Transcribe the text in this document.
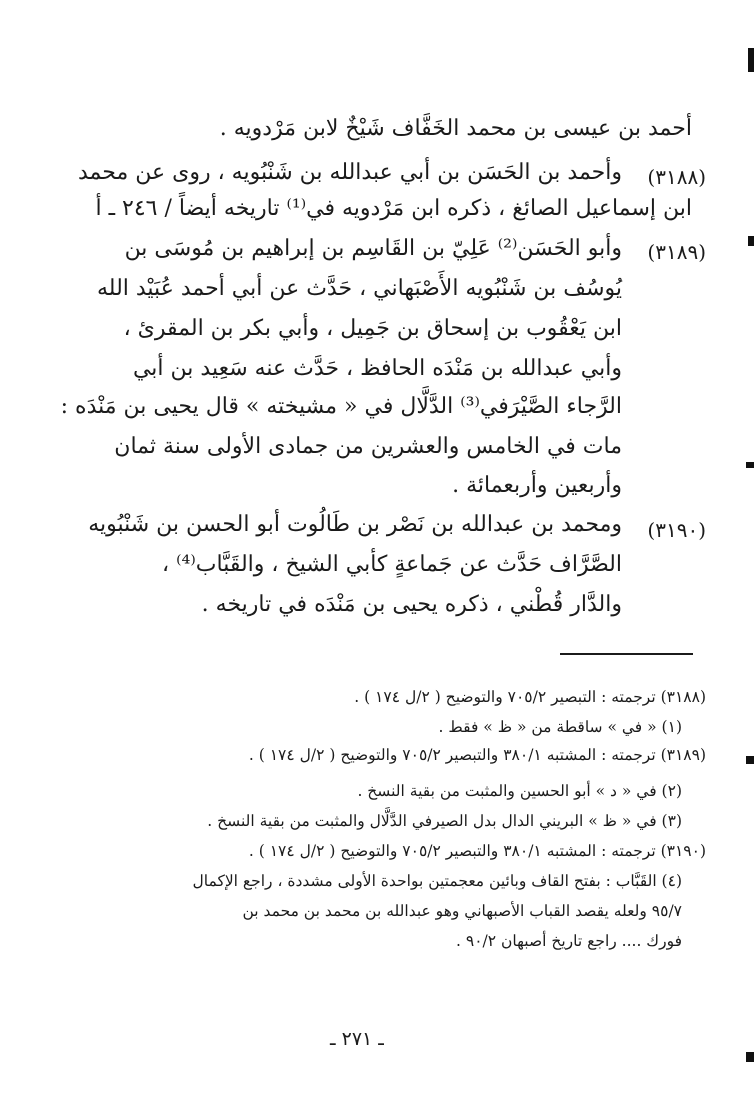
أحمد بن عيسى بن محمد الخَفَّاف شَيْخٌ لابن مَرْدويه .
(٣١٨٨)
وأحمد بن الحَسَن بن أبي عبدالله بن شَنْبُويه ، روى عن محمد
ابن إسماعيل الصائغ ، ذكره ابن مَرْدويه في⁽¹⁾ تاريخه أيضاً / ٢٤٦ ـ أ
(٣١٨٩)
وأبو الحَسَن⁽²⁾ عَلِيّ بن القَاسِم بن إبراهيم بن مُوسَى بن
يُوسُف بن شَنْبُويه الأَصْبَهاني ، حَدَّث عن أبي أحمد عُبَيْد الله
ابن يَعْقُوب بن إسحاق بن جَمِيل ، وأبي بكر بن المقرئ ،
وأبي عبدالله بن مَنْدَه الحافظ ، حَدَّث عنه سَعِيد بن أبي
الرَّجاء الصَّيْرَفي⁽³⁾ الدَّلَّال في « مشيخته » قال يحيى بن مَنْدَه :
مات في الخامس والعشرين من جمادى الأولى سنة ثمان
وأربعين وأربعمائة .
(٣١٩٠)
ومحمد بن عبدالله بن نَصْر بن طَالُوت أبو الحسن بن شَنْبُويه
الصَّرَّاف حَدَّث عن جَماعةٍ كأبي الشيخ ، والقَبَّاب⁽⁴⁾ ،
والدَّار قُطْني ، ذكره يحيى بن مَنْدَه في تاريخه .
(٣١٨٨) ترجمته : التبصير ٧٠٥/٢ والتوضيح ( ٢/ل ١٧٤ ) .
(١) « في » ساقطة من « ظ » فقط .
(٣١٨٩) ترجمته : المشتبه ٣٨٠/١ والتبصير ٧٠٥/٢ والتوضيح ( ٢/ل ١٧٤ ) .
(٢) في « د » أبو الحسين والمثبت من بقية النسخ .
(٣) في « ظ » البريني الدال بدل الصيرفي الدَّلَّال والمثبت من بقية النسخ .
(٣١٩٠) ترجمته : المشتبه ٣٨٠/١ والتبصير ٧٠٥/٢ والتوضيح ( ٢/ل ١٧٤ ) .
(٤) القَبَّاب : بفتح القاف وبائين معجمتين بواحدة الأولى مشددة ، راجع الإكمال
٩٥/٧ ولعله يقصد القباب الأصبهاني وهو عبدالله بن محمد بن محمد بن
فورك .... راجع تاريخ أصبهان ٩٠/٢ .
ـ ٢٧١ ـ
